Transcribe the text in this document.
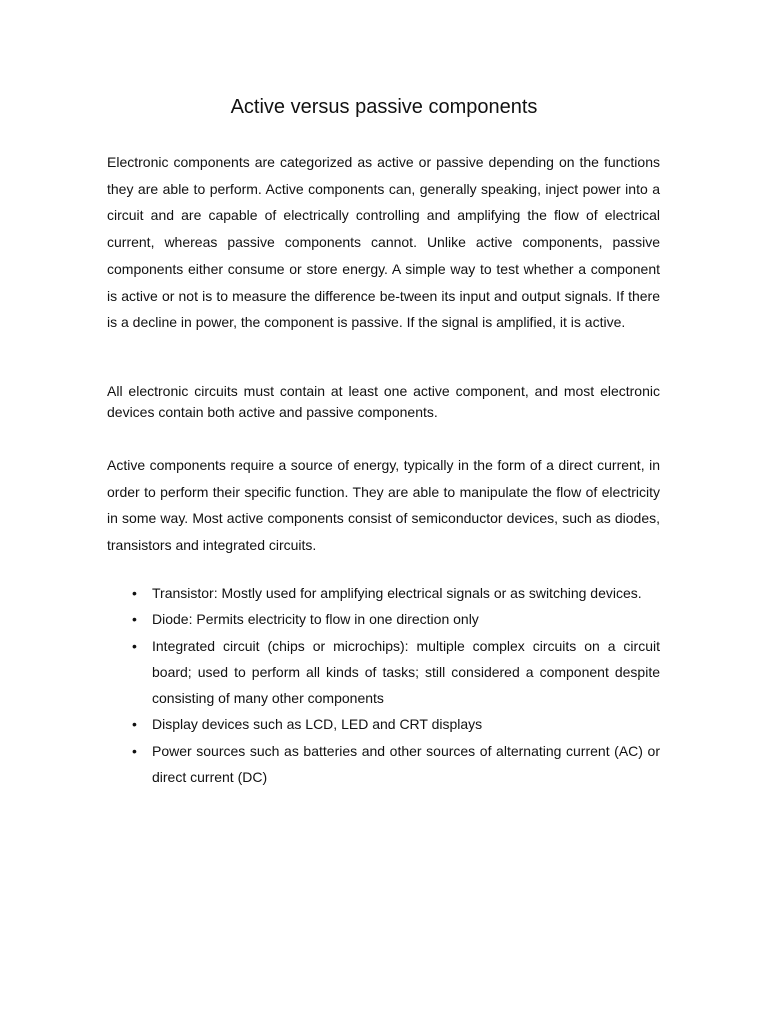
Active versus passive components

Electronic components are categorized as active or passive depending on the functions they are able to perform. Active components can, generally speaking, inject power into a circuit and are capable of electrically controlling and amplifying the flow of electrical current, whereas passive components cannot. Unlike active components, passive components either consume or store energy. A simple way to test whether a component is active or not is to measure the difference be-tween its input and output signals. If there is a decline in power, the component is passive. If the signal is amplified, it is active.

All electronic circuits must contain at least one active component, and most electronic devices contain both active and passive components.

Active components require a source of energy, typically in the form of a direct current, in order to perform their specific function. They are able to manipulate the flow of electricity in some way. Most active components consist of semiconductor devices, such as diodes, transistors and integrated circuits.

• Transistor: Mostly used for amplifying electrical signals or as switching devices.
• Diode: Permits electricity to flow in one direction only
• Integrated circuit (chips or microchips): multiple complex circuits on a circuit board; used to perform all kinds of tasks; still considered a component despite consisting of many other components
• Display devices such as LCD, LED and CRT displays
• Power sources such as batteries and other sources of alternating current (AC) or direct current (DC)
